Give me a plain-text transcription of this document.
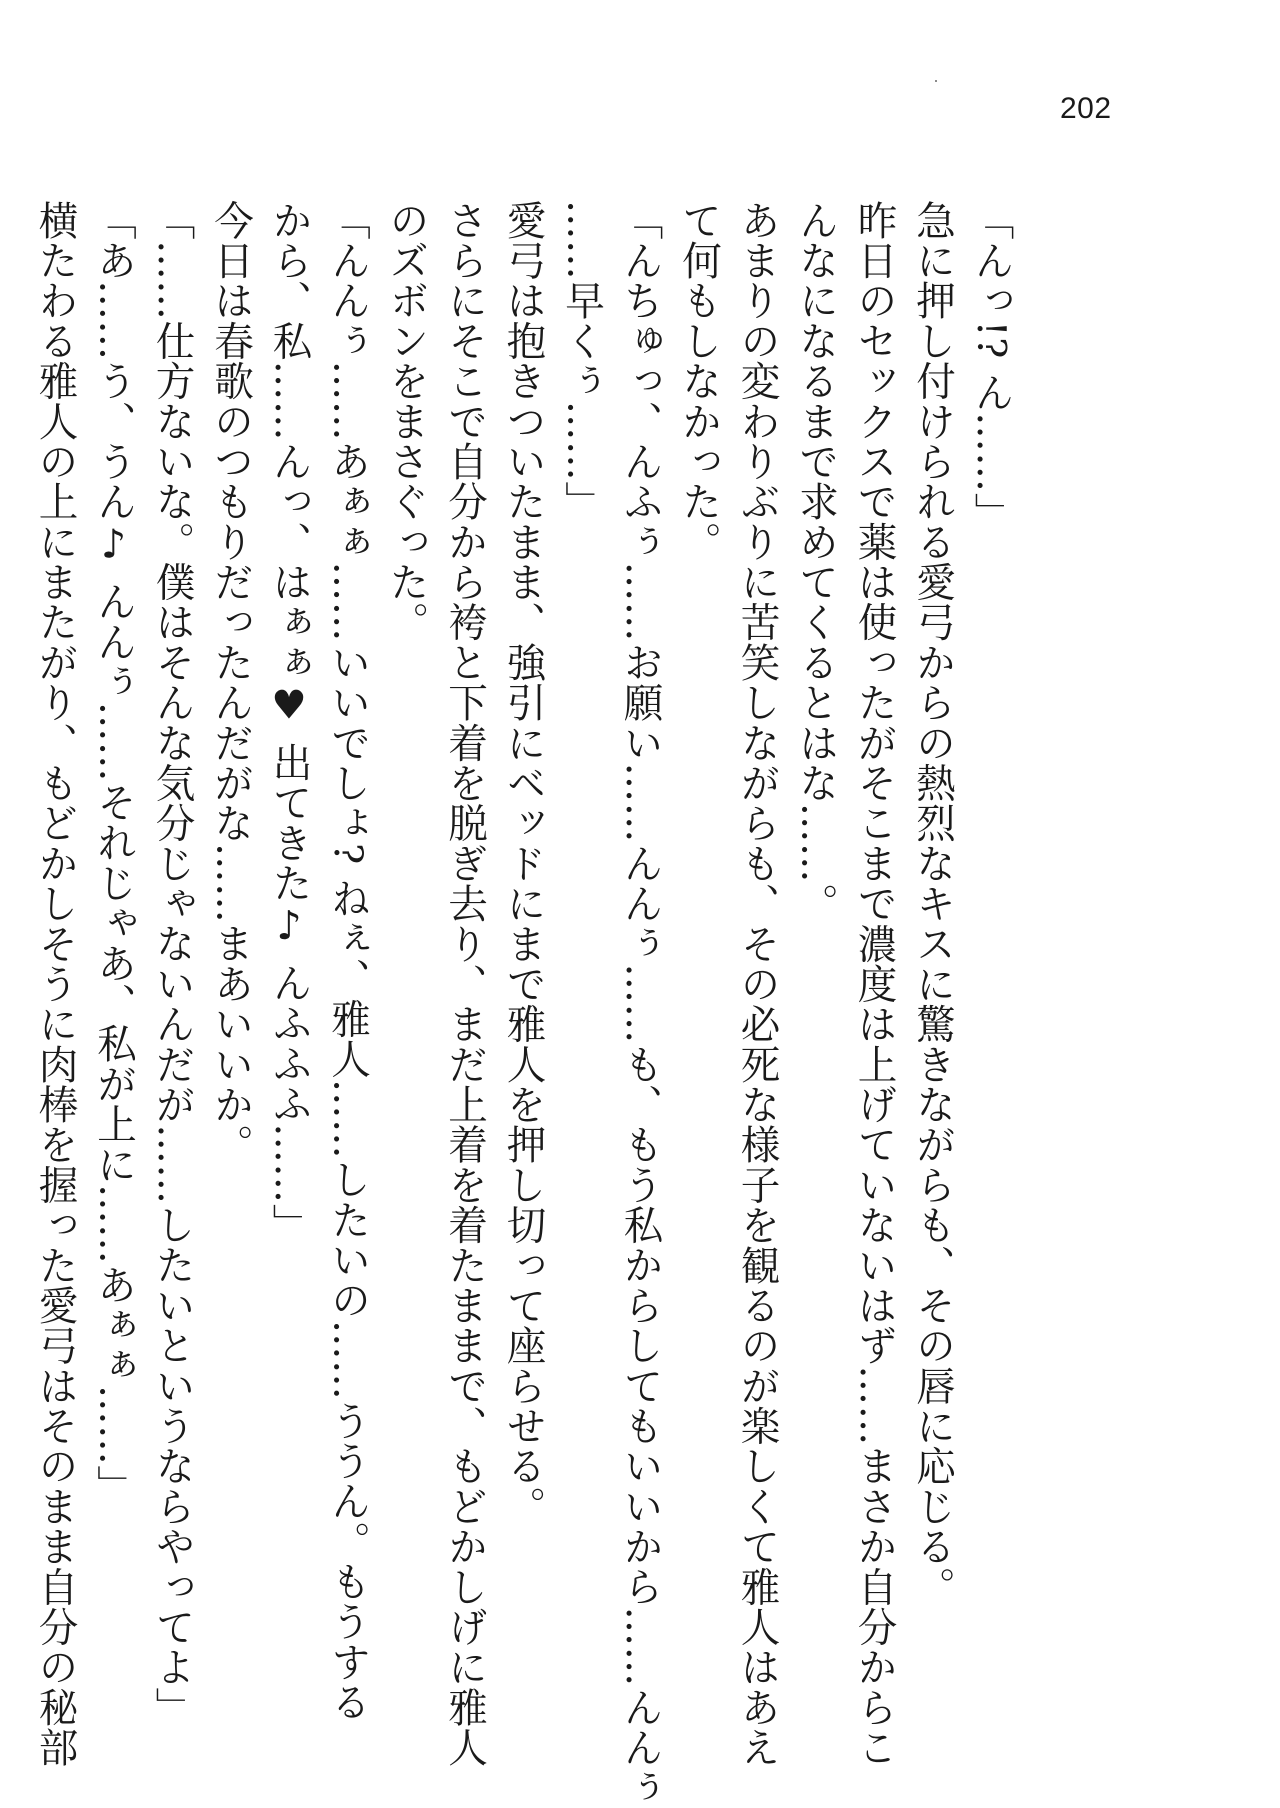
202
「んっ!? ん……」
急に押し付けられる愛弓からの熱烈なキスに驚きながらも、その唇に応じる。
昨日のセックスで薬は使ったがそこまで濃度は上げていないはず……まさか自分からこ
んなになるまで求めてくるとはな……。
あまりの変わりぶりに苦笑しながらも、その必死な様子を観るのが楽しくて雅人はあえ
て何もしなかった。
「んちゅっ、んふぅ……お願い……んんぅ……も、もう私からしてもいいから……んんぅ
……早くぅ……」
愛弓は抱きついたまま、強引にベッドにまで雅人を押し切って座らせる。
さらにそこで自分から袴と下着を脱ぎ去り、まだ上着を着たままで、もどかしげに雅人
のズボンをまさぐった。
「んんぅ……あぁぁ……いいでしょ? ねぇ、雅人……したいの……ううん。もうする
から、私……んっ、はぁぁ♥ 出てきた♪ んふふふ……」
今日は春歌のつもりだったんだがな……まあいいか。
「……仕方ないな。僕はそんな気分じゃないんだが……したいというならやってよ」
「あ……う、うん♪ んんぅ……それじゃあ、私が上に……あぁぁ……」
横たわる雅人の上にまたがり、もどかしそうに肉棒を握った愛弓はそのまま自分の秘部
